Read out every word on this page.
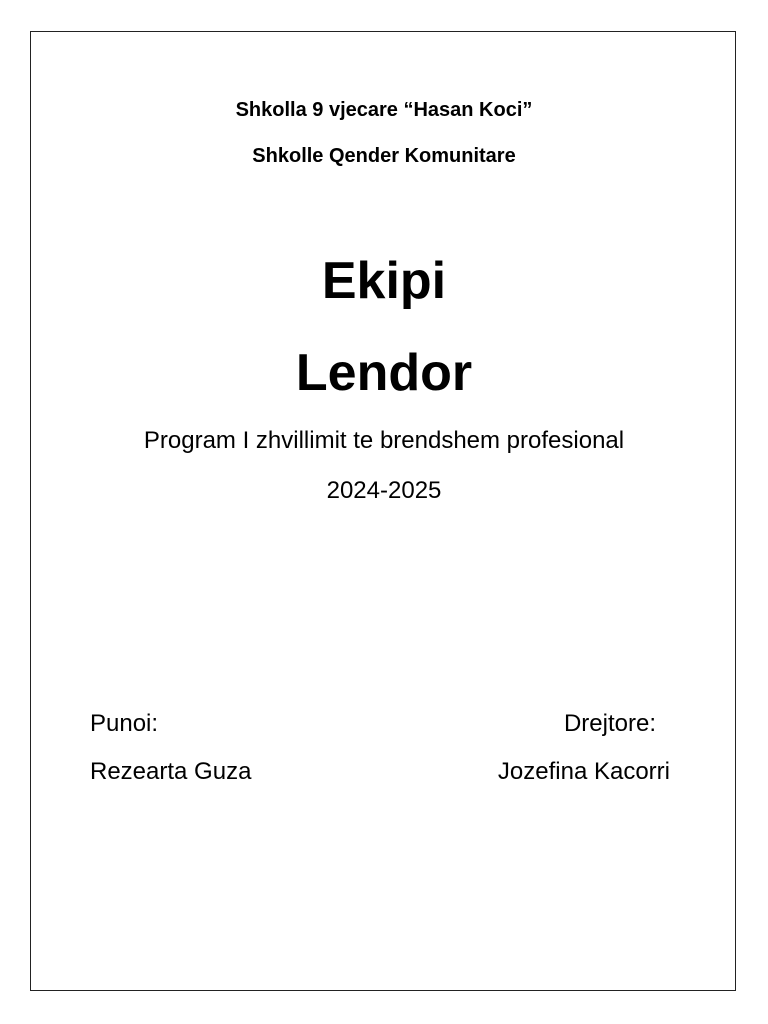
Shkolla 9 vjecare “Hasan Koci”
Shkolle Qender Komunitare
Ekipi
Lendor
Program I zhvillimit te brendshem profesional
2024-2025
Punoi:
Rezearta Guza
Drejtore:
Jozefina Kacorri
